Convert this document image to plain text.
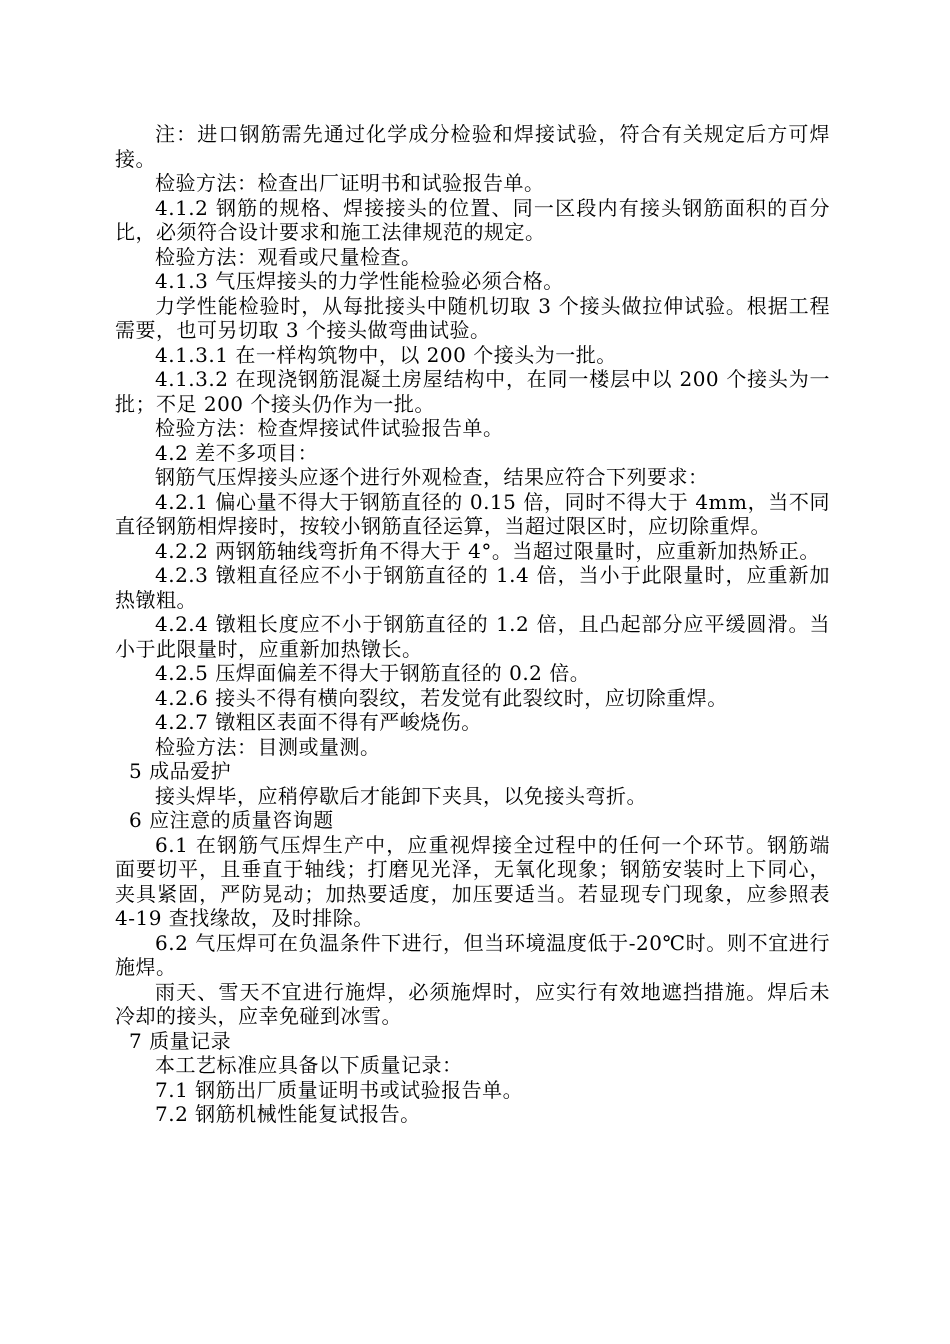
注：进口钢筋需先通过化学成分检验和焊接试验，符合有关规定后方可焊接。

检验方法：检查出厂证明书和试验报告单。

4.1.2 钢筋的规格、焊接接头的位置、同一区段内有接头钢筋面积的百分比，必须符合设计要求和施工法律规范的规定。

检验方法：观看或尺量检查。

4.1.3 气压焊接头的力学性能检验必须合格。

力学性能检验时，从每批接头中随机切取 3 个接头做拉伸试验。根据工程需要，也可另切取 3 个接头做弯曲试验。

4.1.3.1 在一样构筑物中，以 200 个接头为一批。

4.1.3.2 在现浇钢筋混凝土房屋结构中，在同一楼层中以 200 个接头为一批；不足 200 个接头仍作为一批。

检验方法：检查焊接试件试验报告单。

4.2 差不多项目：

钢筋气压焊接头应逐个进行外观检查，结果应符合下列要求：

4.2.1 偏心量不得大于钢筋直径的 0.15 倍，同时不得大于 4mm，当不同直径钢筋相焊接时，按较小钢筋直径运算，当超过限区时，应切除重焊。

4.2.2 两钢筋轴线弯折角不得大于 4°。当超过限量时，应重新加热矫正。

4.2.3 镦粗直径应不小于钢筋直径的 1.4 倍，当小于此限量时，应重新加热镦粗。

4.2.4 镦粗长度应不小于钢筋直径的 1.2 倍，且凸起部分应平缓圆滑。当小于此限量时，应重新加热镦长。

4.2.5 压焊面偏差不得大于钢筋直径的 0.2 倍。

4.2.6 接头不得有横向裂纹，若发觉有此裂纹时，应切除重焊。

4.2.7 镦粗区表面不得有严峻烧伤。

检验方法：目测或量测。

5 成品爱护

接头焊毕，应稍停歇后才能卸下夹具，以免接头弯折。

6 应注意的质量咨询题

6.1 在钢筋气压焊生产中，应重视焊接全过程中的任何一个环节。钢筋端面要切平，且垂直于轴线；打磨见光泽，无氧化现象；钢筋安装时上下同心，夹具紧固，严防晃动；加热要适度，加压要适当。若显现专门现象，应参照表 4-19 查找缘故，及时排除。

6.2 气压焊可在负温条件下进行，但当环境温度低于-20℃时。则不宜进行施焊。

雨天、雪天不宜进行施焊，必须施焊时，应实行有效地遮挡措施。焊后未冷却的接头，应幸免碰到冰雪。

7 质量记录

本工艺标准应具备以下质量记录：

7.1 钢筋出厂质量证明书或试验报告单。

7.2 钢筋机械性能复试报告。
